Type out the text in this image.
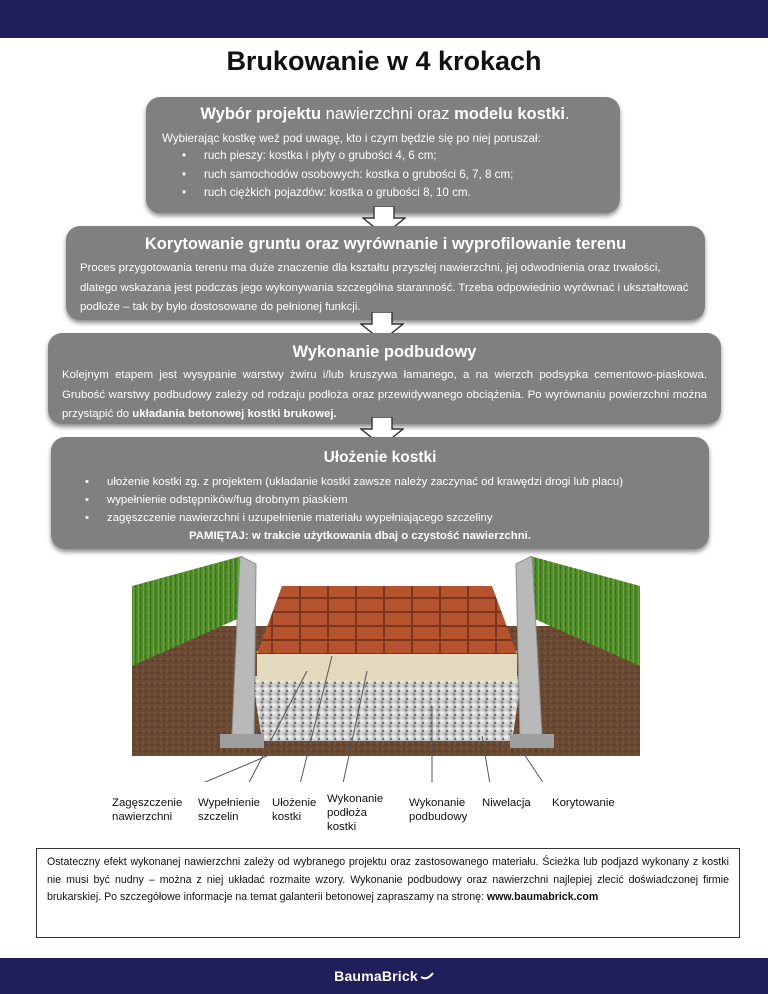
Brukowanie w 4 krokach
Wybór projektu nawierzchni oraz modelu kostki.

Wybierając kostkę weź pod uwagę, kto i czym będzie się po niej poruszał:

• ruch pieszy: kostka i płyty o grubości 4, 6 cm;
• ruch samochodów osobowych: kostka o grubości 6, 7, 8 cm;
• ruch ciężkich pojazdów: kostka o grubości 8, 10 cm.
Korytowanie gruntu oraz wyrównanie i wyprofilowanie terenu

Proces przygotowania terenu ma duże znaczenie dla kształtu przyszłej nawierzchni, jej odwodnienia oraz trwałości, dlatego wskazana jest podczas jego wykonywania szczególna staranność. Trzeba odpowiednio wyrównać i ukształtować podłoże – tak by było dostosowane do pełnionej funkcji.

Wykonanie podbudowy

Kolejnym etapem jest wysypanie warstwy żwiru i/lub kruszywa łamanego, a na wierzch podsypka cementowo-piaskowa. Grubość warstwy podbudowy zależy od rodzaju podłoża oraz przewidywanego obciążenia. Po wyrównaniu powierzchni można przystąpić do układania betonowej kostki brukowej.

Ułożenie kostki
• ułożenie kostki zg. z projektem (układanie kostki zawsze należy zaczynać od krawędzi drogi lub placu)
• wypełnienie odstępników/fug drobnym piaskiem
• zagęszczenie nawierzchni i uzupełnienie materiału wypełniającego szczeliny

PAMIĘTAJ: w trakcie użytkowania dbaj o czystość nawierzchni.

Zagęszczenie
nawierzchni
Wypełnienie
szczelin
Ułożenie
kostki
Wykonanie
podłoża
kostki
Wykonanie
podbudowy
Niwelacja Korytowanie
Ostateczny efekt wykonanej nawierzchni zależy od wybranego projektu oraz zastosowanego materiału. Ścieżka lub podjazd wykonany z kostki nie musi być nudny – można z niej układać rozmaite wzory. Wykonanie podbudowy oraz nawierzchni najlepiej zlecić doświadczonej firmie brukarskiej. Po szczegółowe informacje na temat galanterii betonowej zapraszamy na stronę: www.baumabrick.com
BaumaBrick
